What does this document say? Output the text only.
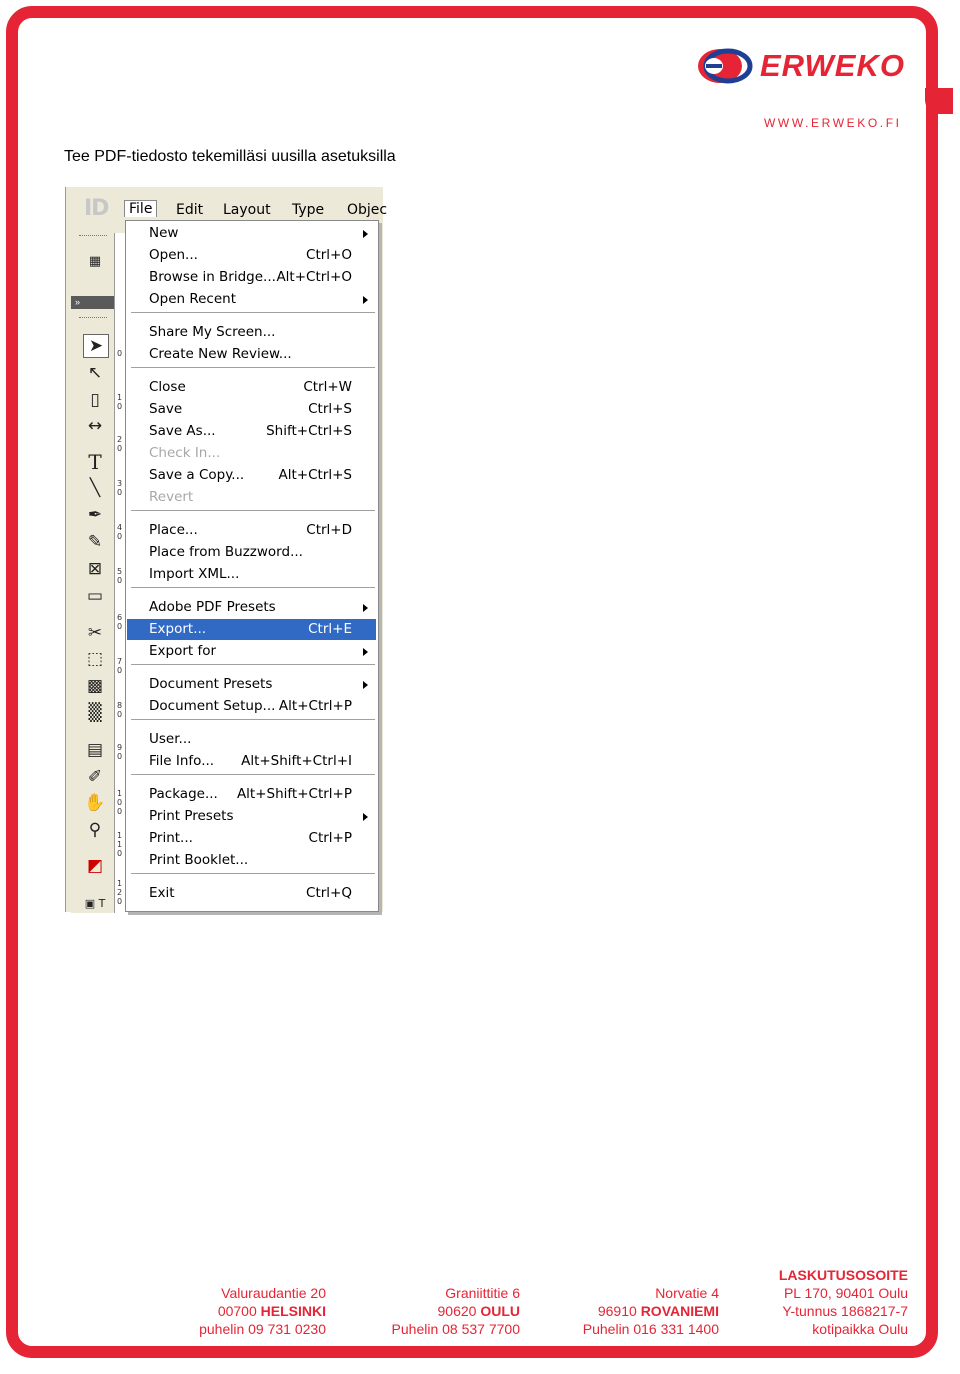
ERWEKO
WWW.ERWEKO.FI
Tee PDF-tiedosto tekemilläsi uusilla asetuksilla
ID	File	Edit Layout Type Objec
▦
»
➤
↖
▯
↔
T
╲
✒
✎
⊠
▭
✂
⬚
▩
▒
▤
✐
✋
⚲
◩
▣ T
0
1
0
2
0
3
0
4
0
5
0
6
0
7
0
8
0
9
0
1
0
0
1
1
0
1
2
0
New
Open...	Ctrl+O
Browse in Bridge... Alt+Ctrl+O
Open Recent
Share My Screen...
Create New Review...
Close	Ctrl+W
Save	Ctrl+S
Save As...	Shift+Ctrl+S
Check In...
Save a Copy...	Alt+Ctrl+S
Revert
Place...	Ctrl+D
Place from Buzzword...
Import XML...
Adobe PDF Presets
Export...	Ctrl+E
Export for
Document Presets
Document Setup... Alt+Ctrl+P
User...
File Info... Alt+Shift+Ctrl+I
Package... Alt+Shift+Ctrl+P
Print Presets
Print...	Ctrl+P
Print Booklet...
Exit	Ctrl+Q
Valuraudantie 20
00700 HELSINKI
puhelin 09 731 0230
Graniittitie 6
90620 OULU
Puhelin 08 537 7700
Norvatie 4
96910 ROVANIEMI
Puhelin 016 331 1400
LASKUTUSOSOITE
PL 170, 90401 Oulu
Y-tunnus 1868217-7
kotipaikka Oulu
